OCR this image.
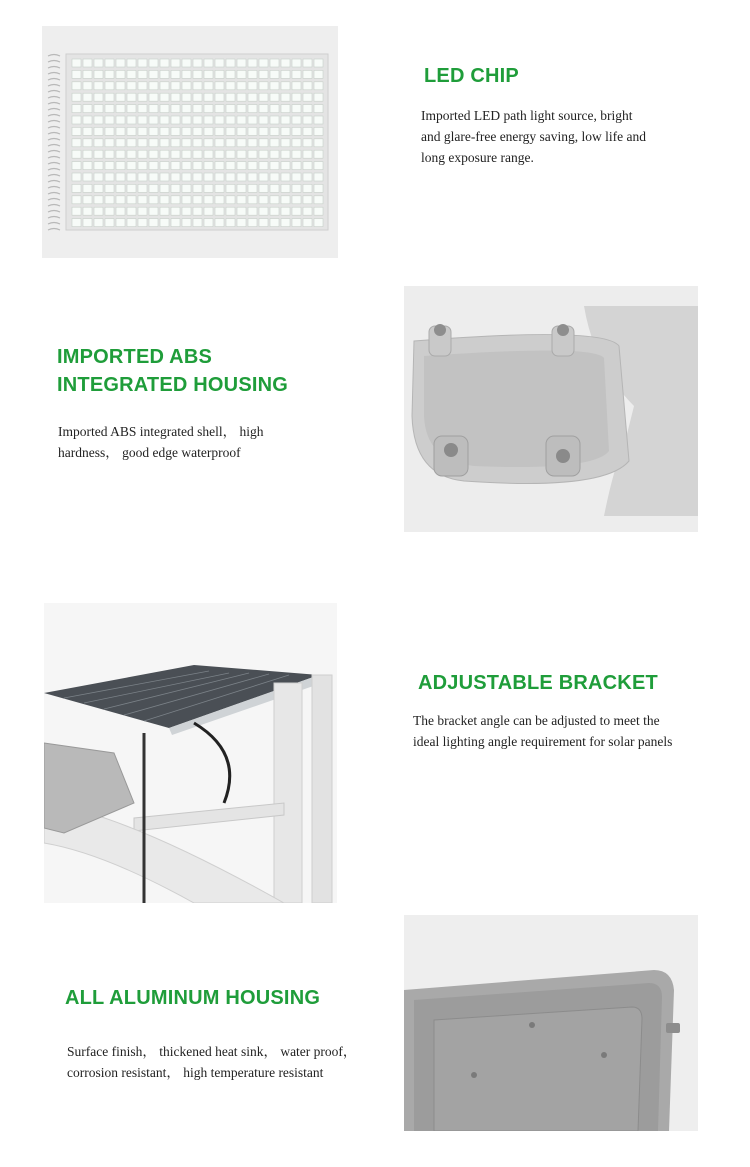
LED CHIP

Imported LED path light source, bright
and glare-free energy saving, low life and
long exposure range.

IMPORTED ABS
INTEGRATED HOUSING

Imported ABS integrated shell， high
hardness， good edge waterproof

ADJUSTABLE BRACKET

The bracket angle can be adjusted to meet the
ideal lighting angle requirement for solar panels

ALL ALUMINUM HOUSING

Surface finish， thickened heat sink， water proof，
corrosion resistant， high temperature resistant
